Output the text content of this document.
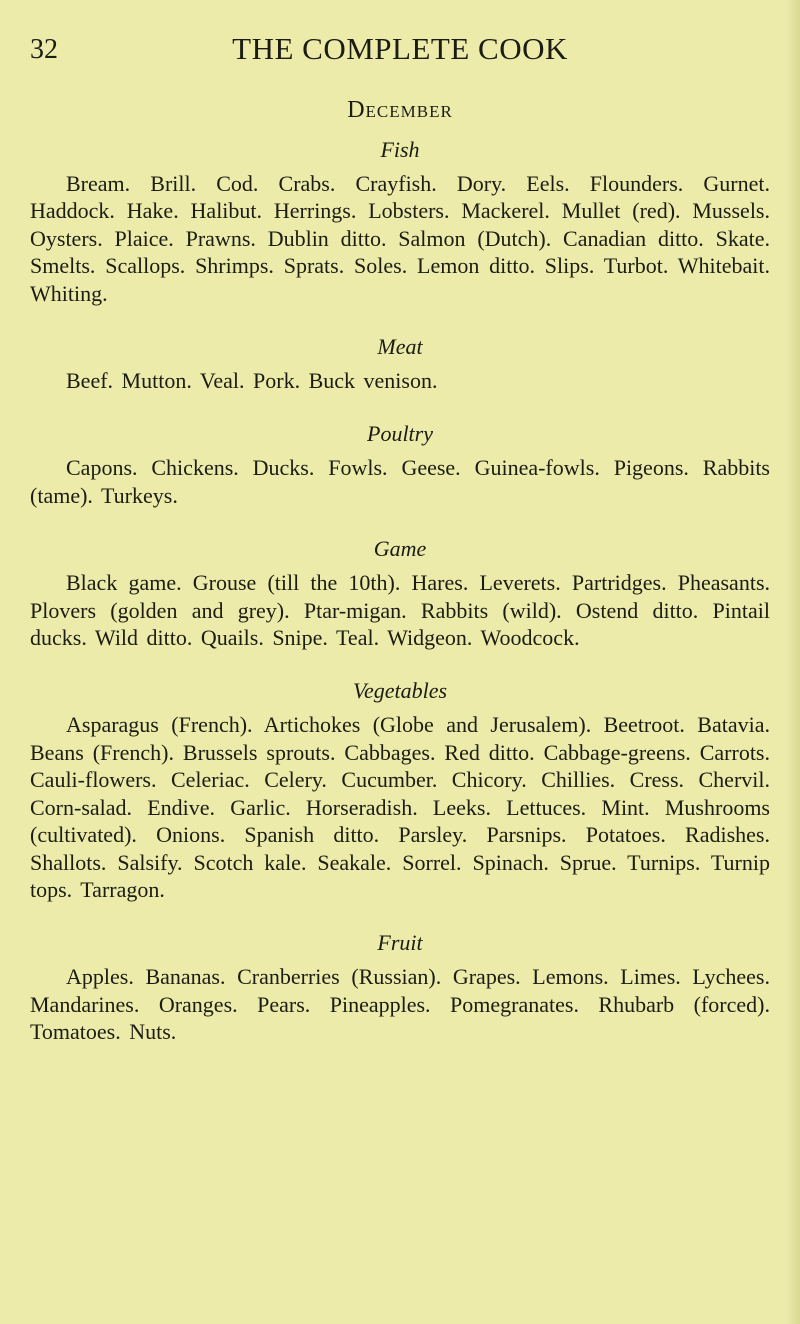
32	THE COMPLETE COOK
December
Fish

Bream. Brill. Cod. Crabs. Crayfish. Dory. Eels. Flounders. Gurnet. Haddock. Hake. Halibut. Herrings. Lobsters. Mackerel. Mullet (red). Mussels. Oysters. Plaice. Prawns. Dublin ditto. Salmon (Dutch). Canadian ditto. Skate. Smelts. Scallops. Shrimps. Sprats. Soles. Lemon ditto. Slips. Turbot. Whitebait. Whiting.

Meat

Beef. Mutton. Veal. Pork. Buck venison.

Poultry

Capons. Chickens. Ducks. Fowls. Geese. Guinea-fowls. Pigeons. Rabbits (tame). Turkeys.

Game

Black game. Grouse (till the 10th). Hares. Leverets. Partridges. Pheasants. Plovers (golden and grey). Ptar-migan. Rabbits (wild). Ostend ditto. Pintail ducks. Wild ditto. Quails. Snipe. Teal. Widgeon. Woodcock.

Vegetables

Asparagus (French). Artichokes (Globe and Jerusalem). Beetroot. Batavia. Beans (French). Brussels sprouts. Cabbages. Red ditto. Cabbage-greens. Carrots. Cauli-flowers. Celeriac. Celery. Cucumber. Chicory. Chillies. Cress. Chervil. Corn-salad. Endive. Garlic. Horseradish. Leeks. Lettuces. Mint. Mushrooms (cultivated). Onions. Spanish ditto. Parsley. Parsnips. Potatoes. Radishes. Shallots. Salsify. Scotch kale. Seakale. Sorrel. Spinach. Sprue. Turnips. Turnip tops. Tarragon.

Fruit

Apples. Bananas. Cranberries (Russian). Grapes. Lemons. Limes. Lychees. Mandarines. Oranges. Pears. Pineapples. Pomegranates. Rhubarb (forced). Tomatoes. Nuts.
